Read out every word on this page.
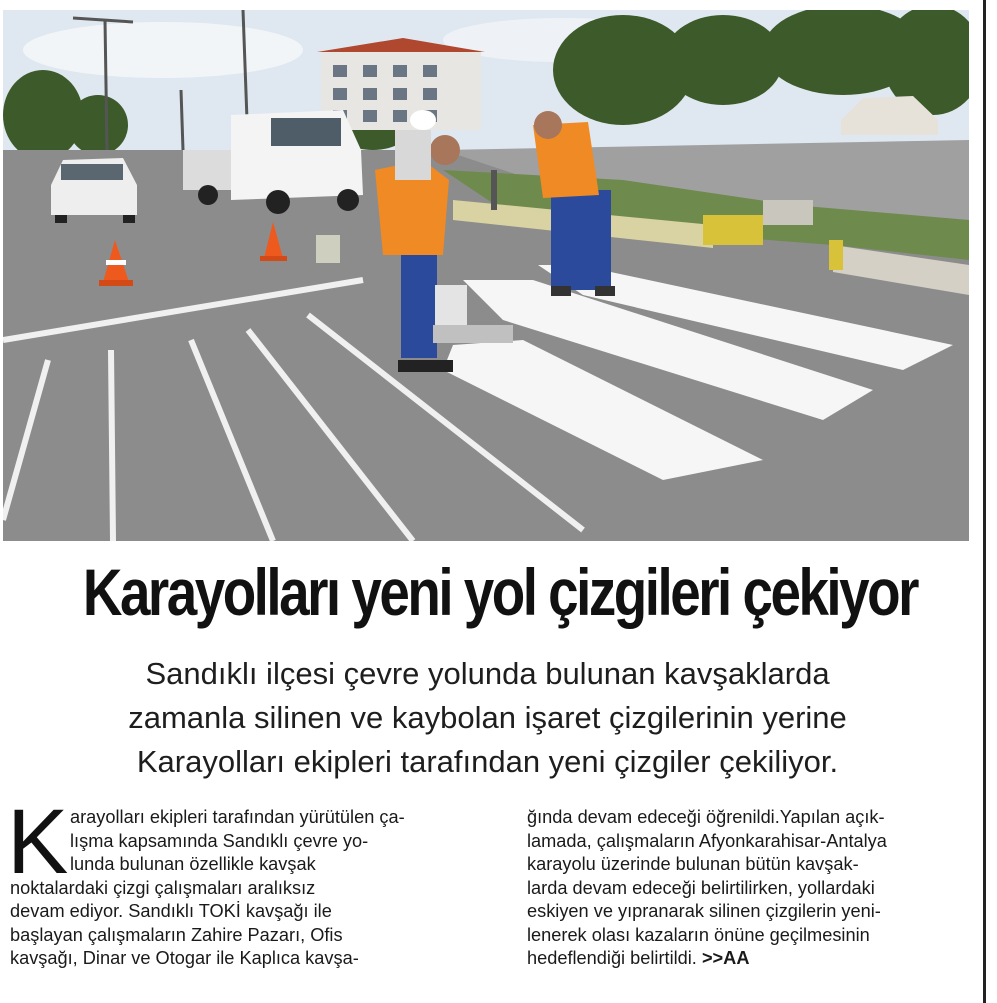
Karayolları yeni yol çizgileri çekiyor
Sandıklı ilçesi çevre yolunda bulunan kavşaklarda
zamanla silinen ve kaybolan işaret çizgilerinin yerine
Karayolları ekipleri tarafından yeni çizgiler çekiliyor.
K arayolları ekipleri tarafından yürütülen ça-
lışma kapsamında Sandıklı çevre yo-
lunda bulunan özellikle kavşak
noktalardaki çizgi çalışmaları aralıksız
devam ediyor. Sandıklı TOKİ kavşağı ile
başlayan çalışmaların Zahire Pazarı, Ofis
kavşağı, Dinar ve Otogar ile Kaplıca kavşa-
ğında devam edeceği öğrenildi.Yapılan açık-
lamada, çalışmaların Afyonkarahisar-Antalya
karayolu üzerinde bulunan bütün kavşak-
larda devam edeceği belirtilirken, yollardaki
eskiyen ve yıpranarak silinen çizgilerin yeni-
lenerek olası kazaların önüne geçilmesinin
hedeflendiği belirtildi. >>AA
